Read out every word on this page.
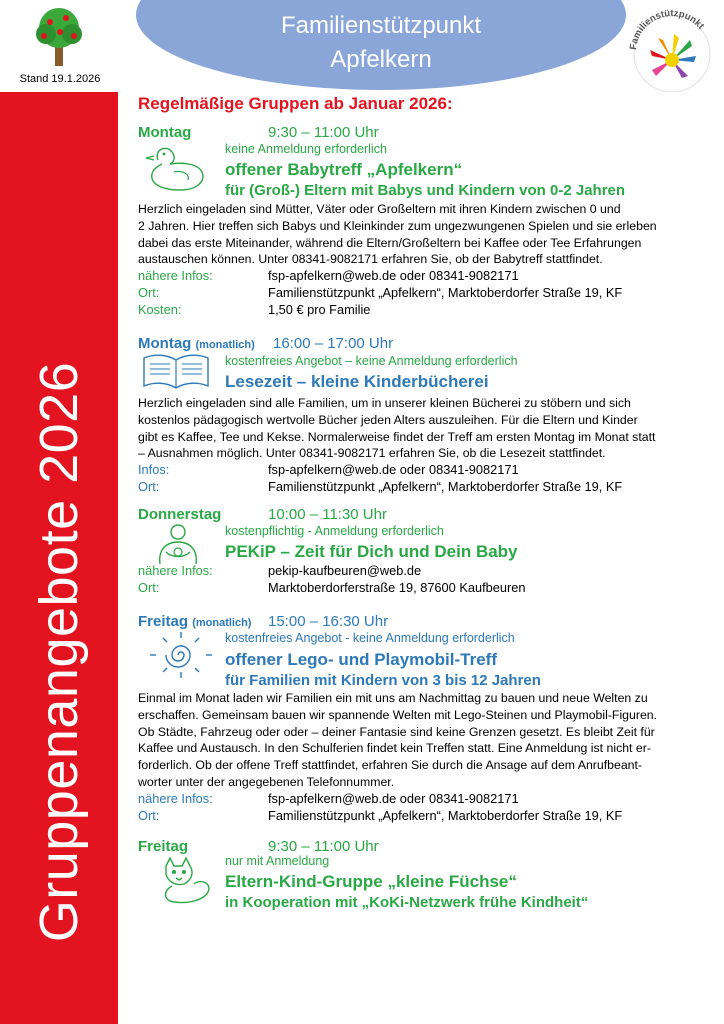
Gruppenangebote 2026
Stand 19.1.2026
Familienstützpunkt
Apfelkern	Familienstützpunkt
Regelmäßige Gruppen ab Januar 2026:
Montag	9:30 – 11:00 Uhr
keine Anmeldung erforderlich
offener Babytreff „Apfelkern“
für (Groß-) Eltern mit Babys und Kindern von 0-2 Jahren
Herzlich eingeladen sind Mütter, Väter oder Großeltern mit ihren Kindern zwischen 0 und
2 Jahren. Hier treffen sich Babys und Kleinkinder zum ungezwungenen Spielen und sie erleben
dabei das erste Miteinander, während die Eltern/Großeltern bei Kaffee oder Tee Erfahrungen
austauschen können. Unter 08341-9082171 erfahren Sie, ob der Babytreff stattfindet.
nähere Infos:	fsp-apfelkern@web.de oder 08341-9082171
Ort:	Familienstützpunkt „Apfelkern“, Marktoberdorfer Straße 19, KF
Kosten:	1,50 € pro Familie
Montag (monatlich) 16:00 – 17:00 Uhr
kostenfreies Angebot – keine Anmeldung erforderlich
Lesezeit – kleine Kinderbücherei
Herzlich eingeladen sind alle Familien, um in unserer kleinen Bücherei zu stöbern und sich
kostenlos pädagogisch wertvolle Bücher jeden Alters auszuleihen. Für die Eltern und Kinder
gibt es Kaffee, Tee und Kekse. Normalerweise findet der Treff am ersten Montag im Monat statt
– Ausnahmen möglich. Unter 08341-9082171 erfahren Sie, ob die Lesezeit stattfindet.
Infos:	fsp-apfelkern@web.de oder 08341-9082171
Ort:	Familienstützpunkt „Apfelkern“, Marktoberdorfer Straße 19, KF
Donnerstag	10:00 – 11:30 Uhr
kostenpflichtig - Anmeldung erforderlich
PEKiP – Zeit für Dich und Dein Baby
nähere Infos:	pekip-kaufbeuren@web.de
Ort:	Marktoberdorferstraße 19, 87600 Kaufbeuren
Freitag (monatlich) 15:00 – 16:30 Uhr
kostenfreies Angebot - keine Anmeldung erforderlich
offener Lego- und Playmobil-Treff
für Familien mit Kindern von 3 bis 12 Jahren
Einmal im Monat laden wir Familien ein mit uns am Nachmittag zu bauen und neue Welten zu
erschaffen. Gemeinsam bauen wir spannende Welten mit Lego-Steinen und Playmobil-Figuren.
Ob Städte, Fahrzeug oder oder – deiner Fantasie sind keine Grenzen gesetzt. Es bleibt Zeit für
Kaffee und Austausch. In den Schulferien findet kein Treffen statt. Eine Anmeldung ist nicht er-
forderlich. Ob der offene Treff stattfindet, erfahren Sie durch die Ansage auf dem Anrufbeant-
worter unter der angegebenen Telefonnummer.
nähere Infos:	fsp-apfelkern@web.de oder 08341-9082171
Ort:	Familienstützpunkt „Apfelkern“, Marktoberdorfer Straße 19, KF
Freitag	9:30 – 11:00 Uhr
nur mit Anmeldung
Eltern-Kind-Gruppe „kleine Füchse“
in Kooperation mit „KoKi-Netzwerk frühe Kindheit“
